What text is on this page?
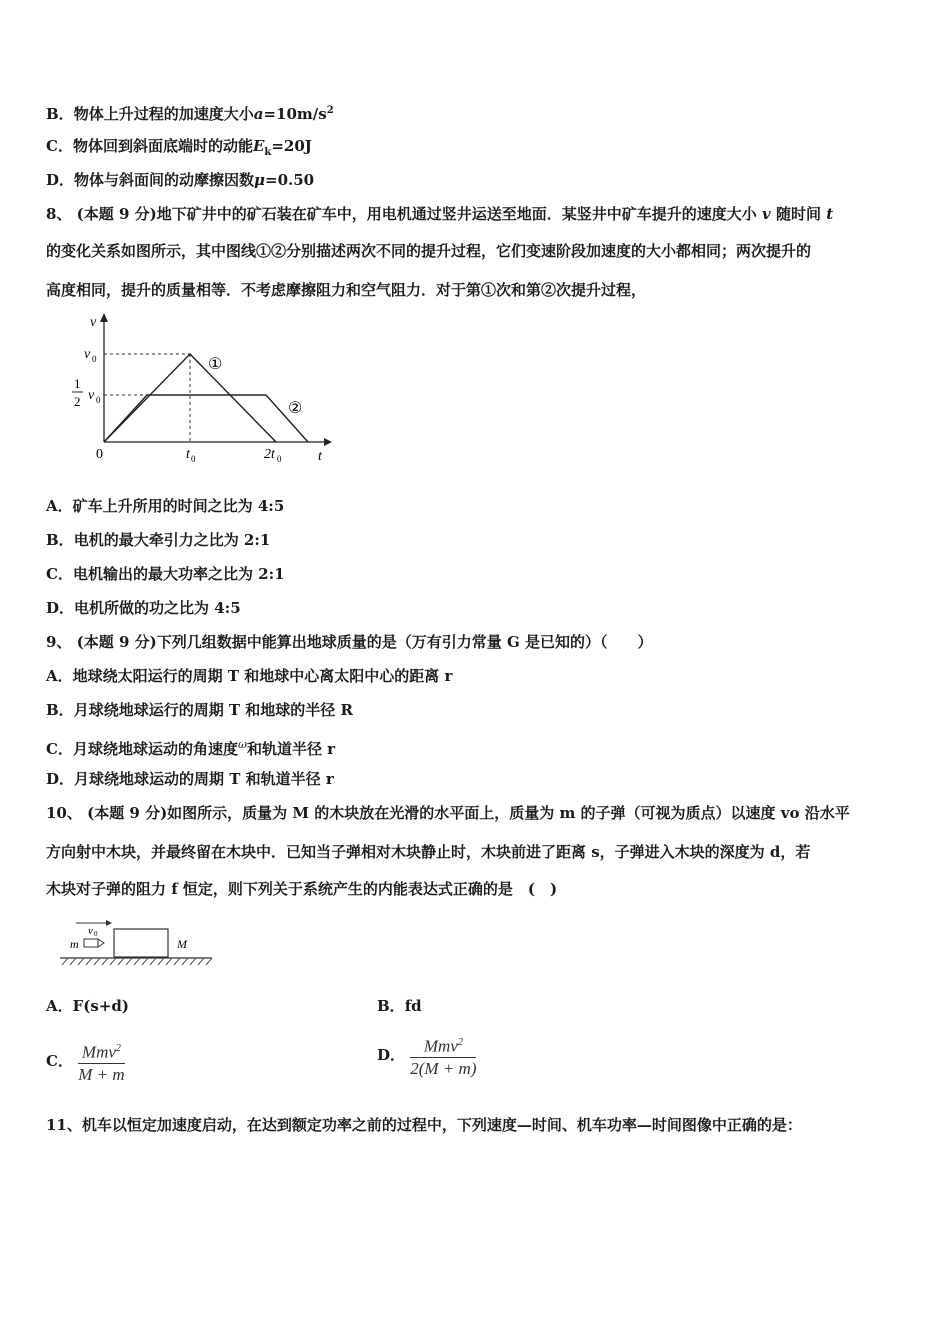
B．物体上升过程的加速度大小$a=10m/s^2$
C．物体回到斜面底端时的动能$E_k=20J$
D．物体与斜面间的动摩擦因数μ=0.50
8、 (本题 9 分)地下矿井中的矿石装在矿车中，用电机通过竖井运送至地面．某竖井中矿车提升的速度大小 v 随时间 t
的变化关系如图所示，其中图线①②分别描述两次不同的提升过程，它们变速阶段加速度的大小都相同；两次提升的
高度相同，提升的质量相等．不考虑摩擦阻力和空气阻力．对于第①次和第②次提升过程，
v
t
0
v 0
1
2 v 0
t 0	2t 0
①
②
A．矿车上升所用的时间之比为 4:5
B．电机的最大牵引力之比为 2:1
C．电机输出的最大功率之比为 2:1
D．电机所做的功之比为 4:5
9、 (本题 9 分)下列几组数据中能算出地球质量的是（万有引力常量 G 是已知的）（　　）
A．地球绕太阳运行的周期 T 和地球中心离太阳中心的距离 r
B．月球绕地球运行的周期 T 和地球的半径 R
C．月球绕地球运动的角速度$^\omega$和轨道半径 r
D．月球绕地球运动的周期 T 和轨道半径 r
10、 (本题 9 分)如图所示，质量为 M 的木块放在光滑的水平面上，质量为 m 的子弹（可视为质点）以速度 vo 沿水平
方向射中木块，并最终留在木块中．已知当子弹相对木块静止时，木块前进了距离 s，子弹进入木块的深度为 d，若
木块对子弹的阻力 f 恒定，则下列关于系统产生的内能表达式正确的是　(　)
v 0
m	M
A．F(s+d)	B．fd
C． $\frac{Mmv^2}{M + m}$	D． $\frac{Mmv^2}{2(M + m)}$
11、机车以恒定加速度启动，在达到额定功率之前的过程中，下列速度—时间、机车功率—时间图像中正确的是：
